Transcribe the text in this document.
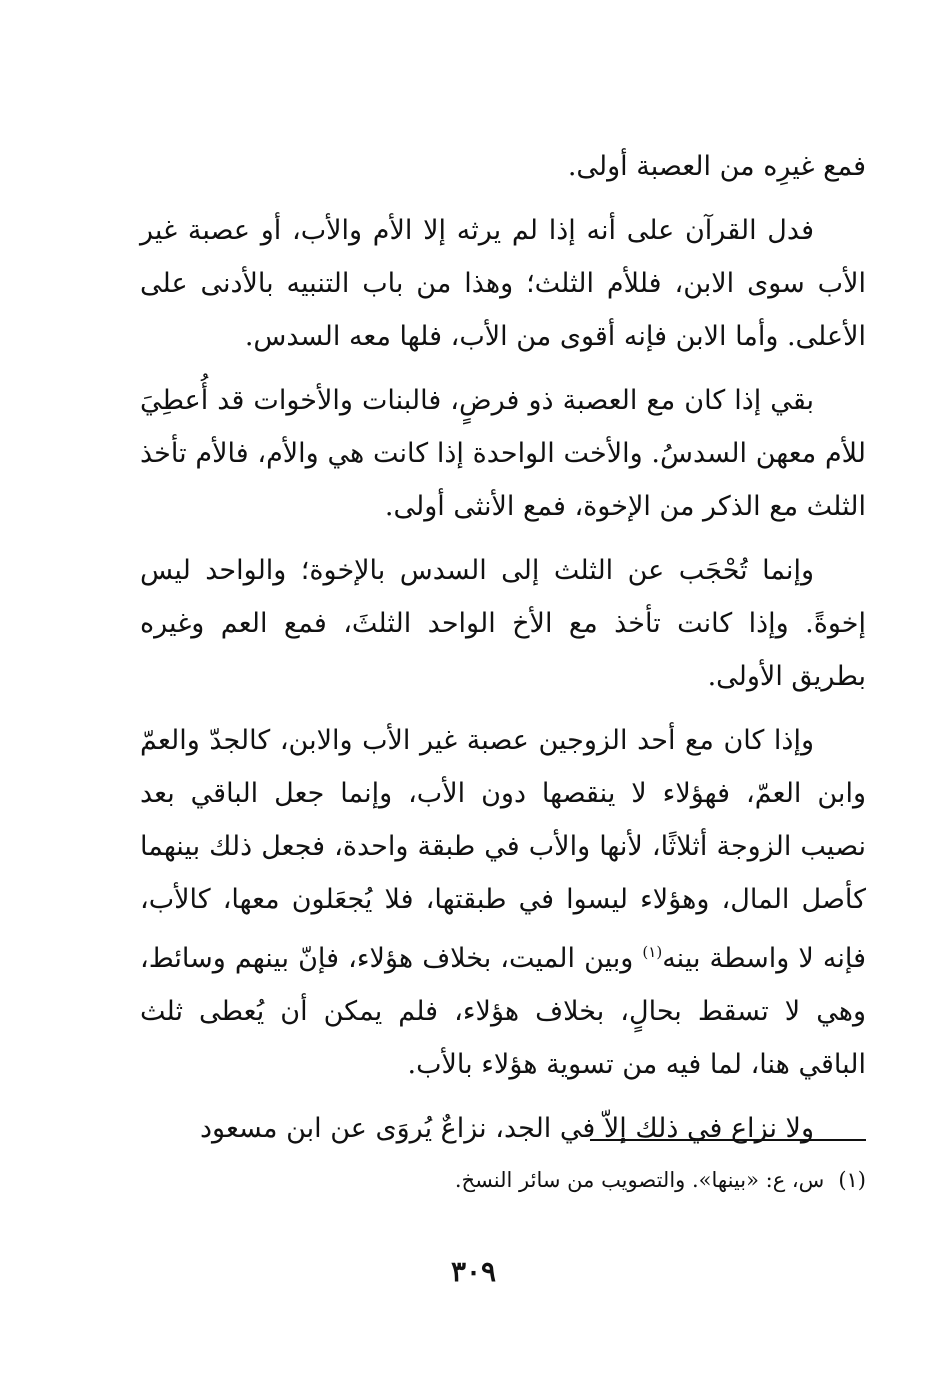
فمع غيرِه من العصبة أولى.

فدل القرآن على أنه إذا لم يرثه إلا الأم والأب، أو عصبة غير الأب سوى الابن، فللأم الثلث؛ وهذا من باب التنبيه بالأدنى على الأعلى. وأما الابن فإنه أقوى من الأب، فلها معه السدس.

بقي إذا كان مع العصبة ذو فرضٍ، فالبنات والأخوات قد أُعطِيَ للأم معهن السدسُ. والأخت الواحدة إذا كانت هي والأم، فالأم تأخذ الثلث مع الذكر من الإخوة، فمع الأنثى أولى.

وإنما تُحْجَب عن الثلث إلى السدس بالإخوة؛ والواحد ليس إخوةً. وإذا كانت تأخذ مع الأخ الواحد الثلثَ، فمع العم وغيره بطريق الأولى.

وإذا كان مع أحد الزوجين عصبة غير الأب والابن، كالجدّ والعمّ وابن العمّ، فهؤلاء لا ينقصها دون الأب، وإنما جعل الباقي بعد نصيب الزوجة أثلاثًا، لأنها والأب في طبقة واحدة، فجعل ذلك بينهما كأصل المال، وهؤلاء ليسوا في طبقتها، فلا يُجعَلون معها، كالأب، فإنه لا واسطة بينه$^{(١)}$ وبين الميت، بخلاف هؤلاء، فإنّ بينهم وسائط، وهي لا تسقط بحالٍ، بخلاف هؤلاء، فلم يمكن أن يُعطى ثلث الباقي هنا، لما فيه من تسوية هؤلاء بالأب.

ولا نزاع في ذلك إلاّ في الجد، نزاعٌ يُروَى عن ابن مسعود

(١)س، ع: «بينها». والتصويب من سائر النسخ.
٣٠٩
